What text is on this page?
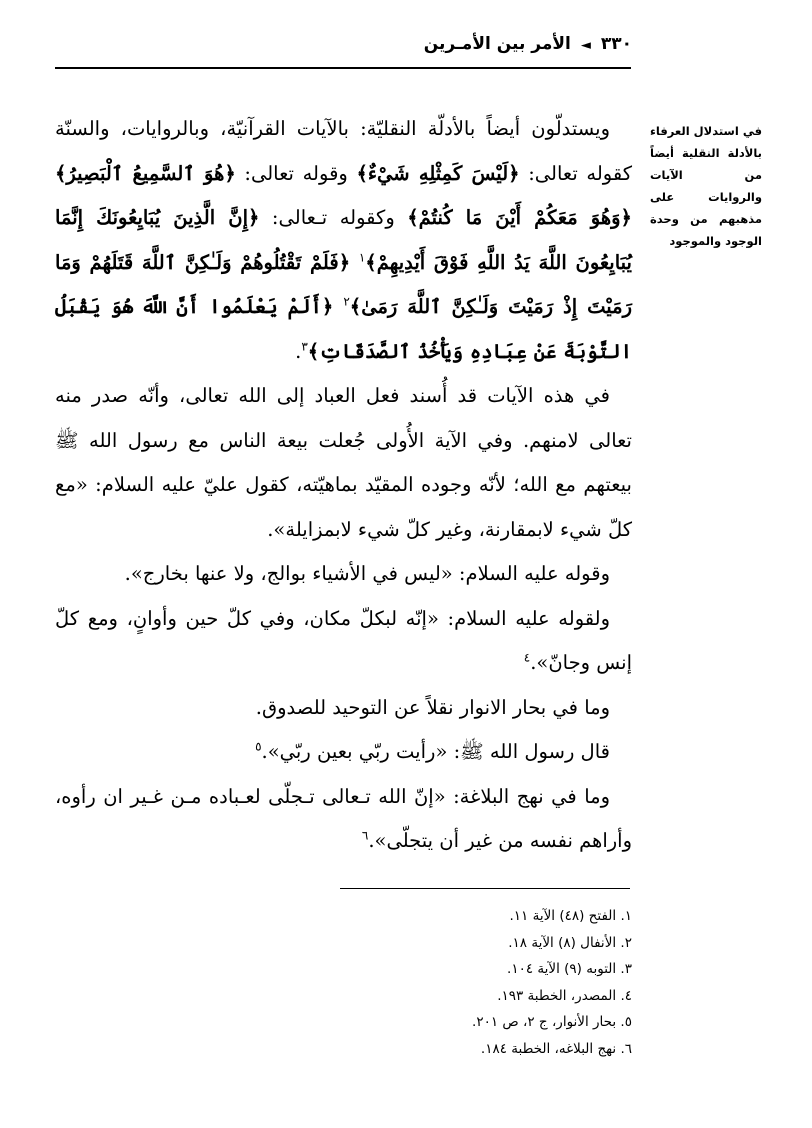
٣٣٠◄الأمر بين الأمـرين
في استدلال العرفاء بالأدلة النقلية أيضاً من الآيات والروايات على مذهبهم من وحدة الوجود والموجود

ويستدلّون أيضاً بالأدلّة النقليّة: بالآيات القرآنيّة، وبالروايات، والسنّة كقوله تعالى: ﴿لَيْسَ كَمِثْلِهِ شَيْءٌ﴾ وقوله تعالى: ﴿هُوَ ٱلسَّمِيعُ ٱلْبَصِيرُ﴾ ﴿وَهُوَ مَعَكُمْ أَيْنَ مَا كُنتُمْ﴾ وكقوله تـعالى: ﴿إِنَّ الَّذِينَ يُبَايِعُونَكَ إِنَّمَا يُبَايِعُونَ اللَّهَ يَدُ اللَّهِ فَوْقَ أَيْدِيهِمْ﴾$^١$ ﴿فَلَمْ تَقْتُلُوهُمْ وَلَـٰكِنَّ ٱللَّهَ قَتَلَهُمْ وَمَا رَمَيْتَ إِذْ رَمَيْتَ وَلَـٰكِنَّ ٱللَّهَ رَمَىٰ﴾$^٢$ ﴿أَلَمْ يَعْلَمُوا أَنَّ اللَّهَ هُوَ يَقْبَلُ التَّوْبَةَ عَنْ عِبَادِهِ وَيَأْخُذُ ٱلصَّدَقَاتِ﴾$^٣$.

في هذه الآيات قد أُسند فعل العباد إلى الله تعالى، وأنّه صدر منه تعالى لامنهم. وفي الآية الأُولى جُعلت بيعة الناس مع رسول الله ﷺ بيعتهم مع الله؛ لأنّه وجوده المقيّد بماهيّته، كقول عليّ عليه السلام: «مع كلّ شيء لابمقارنة، وغير كلّ شيء لابمزايلة».

وقوله عليه السلام: «ليس في الأشياء بوالج، ولا عنها بخارج».

ولقوله عليه السلام: «إنّه لبكلّ مكان، وفي كلّ حين وأوانٍ، ومع كلّ إنس وجانّ».$^٤$

وما في بحار الانوار نقلاً عن التوحيد للصدوق.

قال رسول الله ﷺ: «رأيت ربّي بعين ربّي».$^٥$

وما في نهج البلاغة: «إنّ الله تـعالى تـجلّى لعـباده مـن غـير ان رأوه، وأراهم نفسه من غير أن يتجلّى».$^٦$

١. الفتح (٤٨) الآية ١١.
٢. الأنفال (٨) الآية ١٨.
٣. التوبه (٩) الآية ١٠٤.
٤. المصدر، الخطبة ١٩٣.
٥. بحار الأنوار، ج ٢، ص ٢٠١.
٦. نهج البلاغه، الخطبة ١٨٤.
